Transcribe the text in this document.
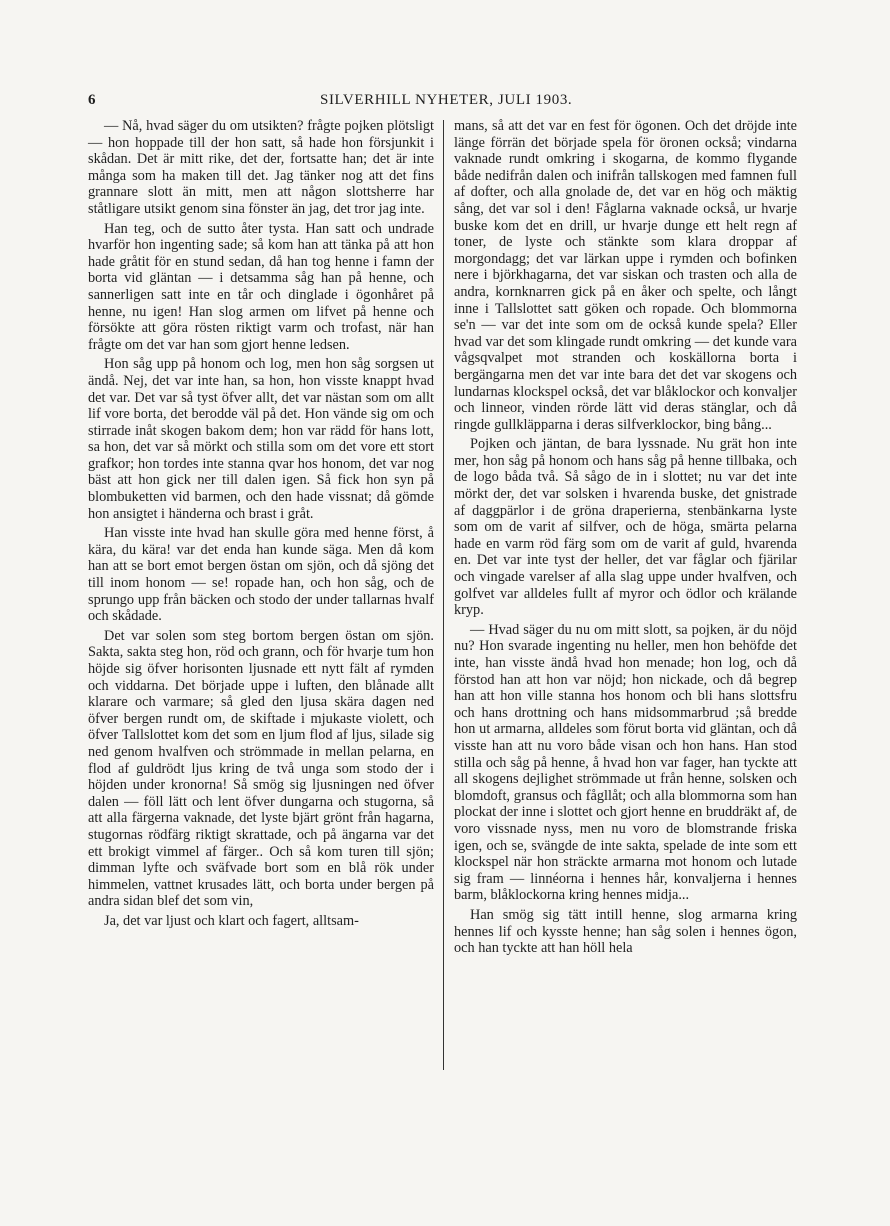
6	SILVERHILL NYHETER, JULI 1903.

— Nå, hvad säger du om utsikten? frågte pojken plötsligt — hon hoppade till der hon satt, så hade hon försjunkit i skådan. Det är mitt rike, det der, fortsatte han; det är inte många som ha maken till det. Jag tänker nog att det fins grannare slott än mitt, men att någon slottsherre har ståtligare utsikt genom sina fönster än jag, det tror jag inte.

Han teg, och de sutto åter tysta. Han satt och undrade hvarför hon ingenting sade; så kom han att tänka på att hon hade gråtit för en stund sedan, då han tog henne i famn der borta vid gläntan — i detsamma såg han på henne, och sannerligen satt inte en tår och dinglade i ögonhåret på henne, nu igen! Han slog armen om lifvet på henne och försökte att göra rösten riktigt varm och trofast, när han frågte om det var han som gjort henne ledsen.

Hon såg upp på honom och log, men hon såg sorgsen ut ändå. Nej, det var inte han, sa hon, hon visste knappt hvad det var. Det var så tyst öfver allt, det var nästan som om allt lif vore borta, det berodde väl på det. Hon vände sig om och stirrade inåt skogen bakom dem; hon var rädd för hans lott, sa hon, det var så mörkt och stilla som om det vore ett stort grafkor; hon tordes inte stanna qvar hos honom, det var nog bäst att hon gick ner till dalen igen. Så fick hon syn på blombuketten vid barmen, och den hade vissnat; då gömde hon ansigtet i händerna och brast i gråt.

Han visste inte hvad han skulle göra med henne först, å kära, du kära! var det enda han kunde säga. Men då kom han att se bort emot bergen östan om sjön, och då sjöng det till inom honom — se! ropade han, och hon såg, och de sprungo upp från bäcken och stodo der under tallarnas hvalf och skådade.

Det var solen som steg bortom bergen östan om sjön. Sakta, sakta steg hon, röd och grann, och för hvarje tum hon höjde sig öfver horisonten ljusnade ett nytt fält af rymden och viddarna. Det började uppe i luften, den blånade allt klarare och varmare; så gled den ljusa skära dagen ned öfver bergen rundt om, de skiftade i mjukaste violett, och öfver Tallslottet kom det som en ljum flod af ljus, silade sig ned genom hvalfven och strömmade in mellan pelarna, en flod af guldrödt ljus kring de två unga som stodo der i höjden under kronorna! Så smög sig ljusningen ned öfver dalen — föll lätt och lent öfver dungarna och stugorna, så att alla färgerna vaknade, det lyste bjärt grönt från hagarna, stugornas rödfärg riktigt skrattade, och på ängarna var det ett brokigt vimmel af färger.. Och så kom turen till sjön; dimman lyfte och sväfvade bort som en blå rök under himmelen, vattnet krusades lätt, och borta under bergen på andra sidan blef det som vin,

Ja, det var ljust och klart och fagert, alltsam-

mans, så att det var en fest för ögonen. Och det dröjde inte länge förrän det började spela för öronen också; vindarna vaknade rundt omkring i skogarna, de kommo flygande både nedifrån dalen och inifrån tallskogen med famnen full af dofter, och alla gnolade de, det var en hög och mäktig sång, det var sol i den! Fåglarna vaknade också, ur hvarje buske kom det en drill, ur hvarje dunge ett helt regn af toner, de lyste och stänkte som klara droppar af morgondagg; det var lärkan uppe i rymden och bofinken nere i björkhagarna, det var siskan och trasten och alla de andra, kornknarren gick på en åker och spelte, och långt inne i Tallslottet satt göken och ropade. Och blommorna se'n — var det inte som om de också kunde spela? Eller hvad var det som klingade rundt omkring — det kunde vara vågsqvalpet mot stranden och koskällorna borta i bergängarna men det var inte bara det det var skogens och lundarnas klockspel också, det var blåklockor och konvaljer och linneor, vinden rörde lätt vid deras stänglar, och då ringde gullkläpparna i deras silfverklockor, bing bång...

Pojken och jäntan, de bara lyssnade. Nu grät hon inte mer, hon såg på honom och hans såg på henne tillbaka, och de logo båda två. Så sågo de in i slottet; nu var det inte mörkt der, det var solsken i hvarenda buske, det gnistrade af daggpärlor i de gröna draperierna, stenbänkarna lyste som om de varit af silfver, och de höga, smärta pelarna hade en varm röd färg som om de varit af guld, hvarenda en. Det var inte tyst der heller, det var fåglar och fjärilar och vingade varelser af alla slag uppe under hvalfven, och golfvet var alldeles fullt af myror och ödlor och krälande kryp.

— Hvad säger du nu om mitt slott, sa pojken, är du nöjd nu? Hon svarade ingenting nu heller, men hon behöfde det inte, han visste ändå hvad hon menade; hon log, och då förstod han att hon var nöjd; hon nickade, och då begrep han att hon ville stanna hos honom och bli hans slottsfru och hans drottning och hans midsommarbrud ;så bredde hon ut armarna, alldeles som förut borta vid gläntan, och då visste han att nu voro både visan och hon hans. Han stod stilla och såg på henne, å hvad hon var fager, han tyckte att all skogens dejlighet strömmade ut från henne, solsken och blomdoft, gransus och fågllåt; och alla blommorna som han plockat der inne i slottet och gjort henne en bruddräkt af, de voro vissnade nyss, men nu voro de blomstrande friska igen, och se, svängde de inte sakta, spelade de inte som ett klockspel när hon sträckte armarna mot honom och lutade sig fram — linnéorna i hennes hår, konvaljerna i hennes barm, blåklockorna kring hennes midja...

Han smög sig tätt intill henne, slog armarna kring hennes lif och kysste henne; han såg solen i hennes ögon, och han tyckte att han höll hela
